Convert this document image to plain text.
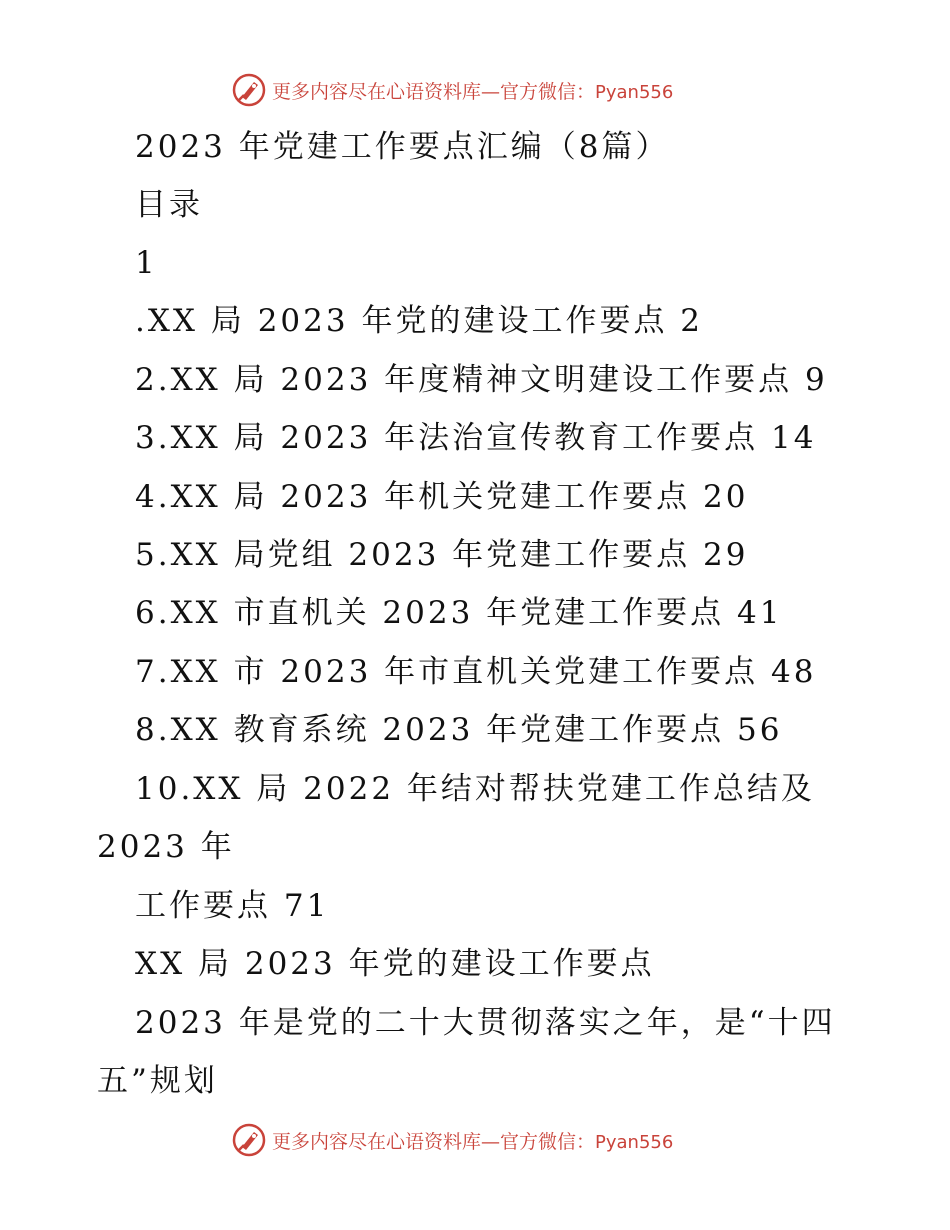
更多内容尽在心语资料库—官方微信：Pyan556
2023 年党建工作要点汇编（8篇）
目录
1
.XX 局 2023 年党的建设工作要点 2
2.XX 局 2023 年度精神文明建设工作要点 9
3.XX 局 2023 年法治宣传教育工作要点 14
4.XX 局 2023 年机关党建工作要点 20
5.XX 局党组 2023 年党建工作要点 29
6.XX 市直机关 2023 年党建工作要点 41
7.XX 市 2023 年市直机关党建工作要点 48
8.XX 教育系统 2023 年党建工作要点 56
10.XX 局 2022 年结对帮扶党建工作总结及
2023 年
工作要点 71
XX 局 2023 年党的建设工作要点
2023 年是党的二十大贯彻落实之年，是“十四
五”规划
更多内容尽在心语资料库—官方微信：Pyan556
